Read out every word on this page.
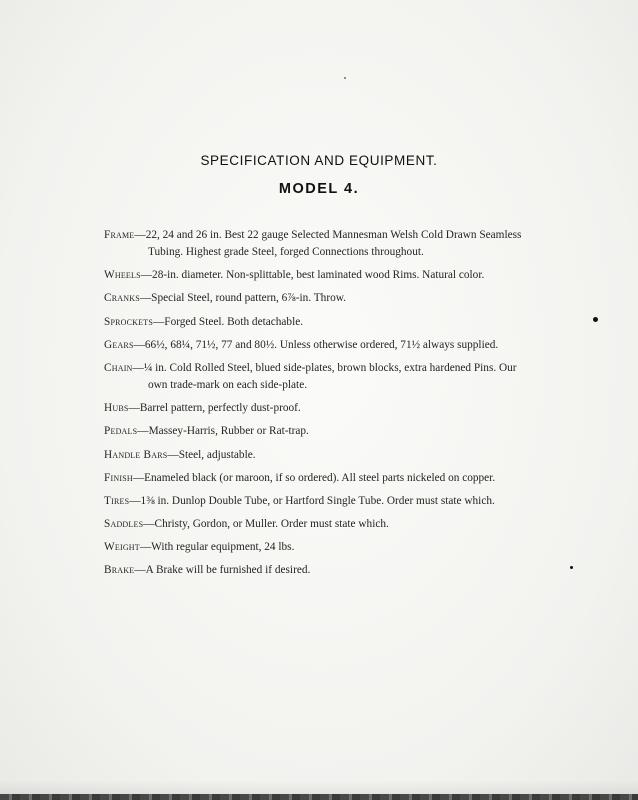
SPECIFICATION AND EQUIPMENT.
MODEL 4.
Frame—22, 24 and 26 in. Best 22 gauge Selected Mannesman Welsh Cold Drawn Seamless Tubing. Highest grade Steel, forged Connections throughout.
Wheels—28-in. diameter. Non-splittable, best laminated wood Rims. Natural color.
Cranks—Special Steel, round pattern, 6⅞-in. Throw.
Sprockets—Forged Steel. Both detachable.
Gears—66½, 68¼, 71½, 77 and 80½. Unless otherwise ordered, 71½ always supplied.
Chain—¼ in. Cold Rolled Steel, blued side-plates, brown blocks, extra hardened Pins. Our own trade-mark on each side-plate.
Hubs—Barrel pattern, perfectly dust-proof.
Pedals—Massey-Harris, Rubber or Rat-trap.
Handle Bars—Steel, adjustable.
Finish—Enameled black (or maroon, if so ordered). All steel parts nickeled on copper.
Tires—1⅜ in. Dunlop Double Tube, or Hartford Single Tube. Order must state which.
Saddles—Christy, Gordon, or Muller. Order must state which.
Weight—With regular equipment, 24 lbs.
Brake—A Brake will be furnished if desired.
